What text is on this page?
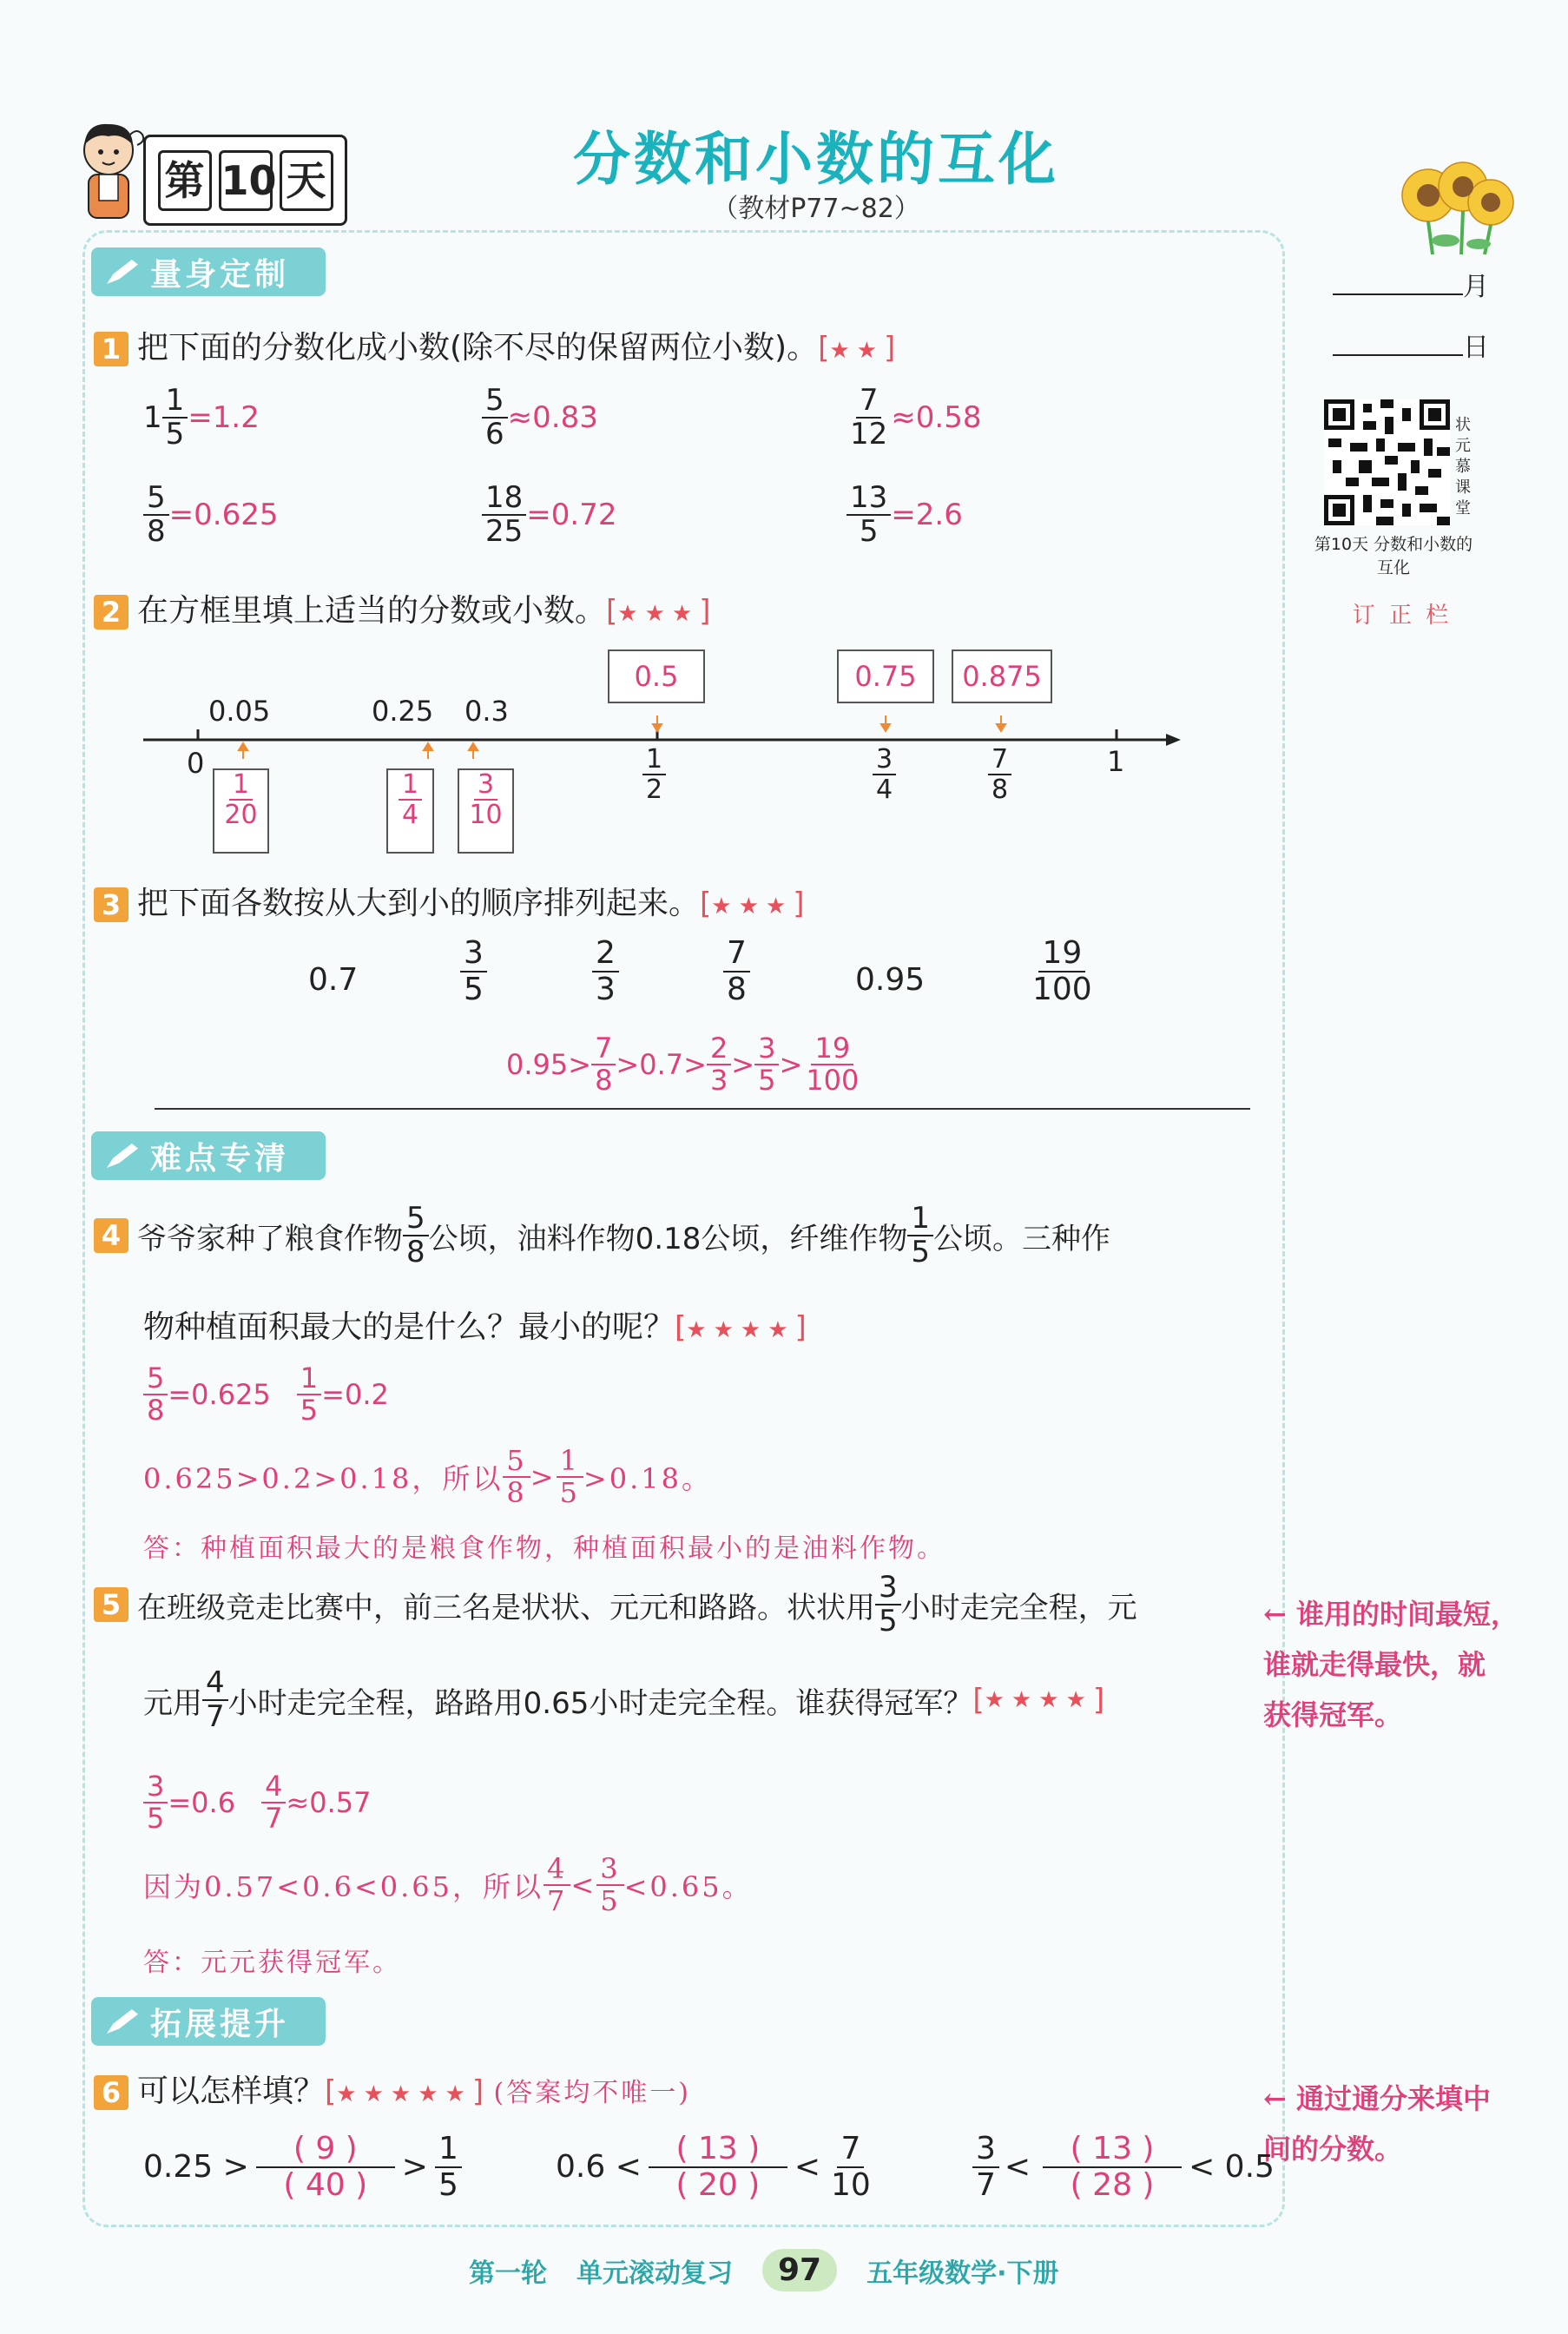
第 10 天	分数和小数的互化
（教材P77~82）
月
日
状元慕课堂
第10天 分数和小数的互化
订 正 栏
← 谁用的时间最短，
谁就走得最快，就
获得冠军。
← 通过通分来填中
间的分数。
量身定制
1 把下面的分数化成小数(除不尽的保留两位小数)。[★★]
$1 \frac{1}{5} =1.2$	$\frac{5}{6} \approx 0.83$	$\frac{7}{12} \approx 0.58$
$\frac{5}{8} =0.625$	$\frac{18}{25} =0.72$	$\frac{13}{5} =2.6$
2 在方框里填上适当的分数或小数。[★★★]
0.05	0.25 0.3
0.5	0.75	0.875
0	1
$\frac{1}{20}$	$\frac{1}{4} \frac{3}{10}$	$\frac{1}{2}$	$\frac{3}{4}$	$\frac{7}{8}$
3 把下面各数按从大到小的顺序排列起来。[★★★]
0.7	$\frac{3}{5}$	$\frac{2}{3}$	$\frac{7}{8}$	0.95	$\frac{19}{100}$
$0.95> \frac{7}{8} >0.7> \frac{2}{3} > \frac{3}{5} > \frac{19}{100}$
难点专清
4 爷爷家种了粮食作物 $\frac{5}{8}$ 公顷，油料作物0.18公顷，纤维作物 $\frac{1}{5}$ 公顷。三种作
物种植面积最大的是什么？最小的呢？[★★★★]
$\frac{5}{8} =0.625 \frac{1}{5} =0.2$
0.625>0.2>0.18，所以 $\frac{5}{8} > \frac{1}{5} >0.18$。
答：种植面积最大的是粮食作物，种植面积最小的是油料作物。
5 在班级竞走比赛中，前三名是状状、元元和路路。状状用 $\frac{3}{5}$ 小时走完全程，元
元用 $\frac{4}{7}$ 小时走完全程，路路用0.65小时走完全程。谁获得冠军？ [ ★★★★ ]
$\frac{3}{5} =0.6 \frac{4}{7} \approx 0.57$
因为0.57<0.6<0.65，所以 $\frac{4}{7} < \frac{3}{5} <0.65$。
答：元元获得冠军。
拓展提升
6 可以怎样填？[★★★★★] (答案均不唯一)
$0.25 > \frac{( 9 )}{( 40 )} > \frac{1}{5}$	$0.6 < \frac{( 13 )}{( 20 )} < \frac{7}{10}$	$\frac{3}{7} < \frac{( 13 )}{( 28 )} < 0.5$
第一轮 单元滚动复习	97	五年级数学·下册
